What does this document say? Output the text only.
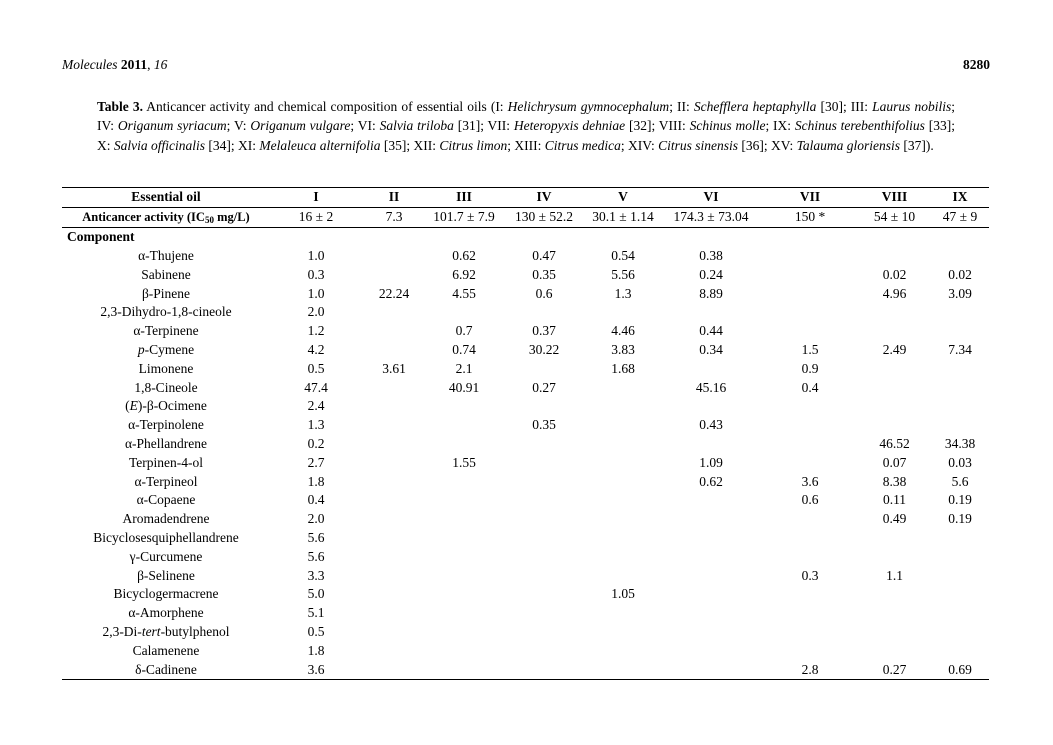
Molecules 2011, 16	8280
Table 3. Anticancer activity and chemical composition of essential oils (I: Helichrysum gymnocephalum; II: Schefflera heptaphylla [30]; III: Laurus nobilis; IV: Origanum syriacum; V: Origanum vulgare; VI: Salvia triloba [31]; VII: Heteropyxis dehniae [32]; VIII: Schinus molle; IX: Schinus terebenthifolius [33]; X: Salvia officinalis [34]; XI: Melaleuca alternifolia [35]; XII: Citrus limon; XIII: Citrus medica; XIV: Citrus sinensis [36]; XV: Talauma gloriensis [37]).
Essential oil	I	II	III	IV	V	VI	VII	VIII	IX
Anticancer activity ($IC_{50}$ mg/L)	16 ± 2	7.3	101.7 ± 7.9	130 ± 52.2	30.1 ± 1.14	174.3 ± 73.04	150 *	54 ± 10	47 ± 9
Component									
α-Thujene	1.0		0.62	0.47	0.54	0.38			
Sabinene	0.3		6.92	0.35	5.56	0.24		0.02	0.02
β-Pinene	1.0	22.24	4.55	0.6	1.3	8.89		4.96	3.09
2,3-Dihydro-1,8-cineole	2.0								
α-Terpinene	1.2		0.7	0.37	4.46	0.44			
p-Cymene	4.2		0.74	30.22	3.83	0.34	1.5	2.49	7.34
Limonene	0.5	3.61	2.1		1.68		0.9		
1,8-Cineole	47.4		40.91	0.27		45.16	0.4		
(E)-β-Ocimene	2.4								
α-Terpinolene	1.3			0.35		0.43			
α-Phellandrene	0.2							46.52	34.38
Terpinen-4-ol	2.7		1.55			1.09		0.07	0.03
α-Terpineol	1.8					0.62	3.6	8.38	5.6
α-Copaene	0.4						0.6	0.11	0.19
Aromadendrene	2.0							0.49	0.19
Bicyclosesquiphellandrene	5.6								
γ-Curcumene	5.6								
β-Selinene	3.3						0.3	1.1	
Bicyclogermacrene	5.0				1.05				
α-Amorphene	5.1								
2,3-Di-tert-butylphenol	0.5								
Calamenene	1.8								
δ-Cadinene	3.6						2.8	0.27	0.69
